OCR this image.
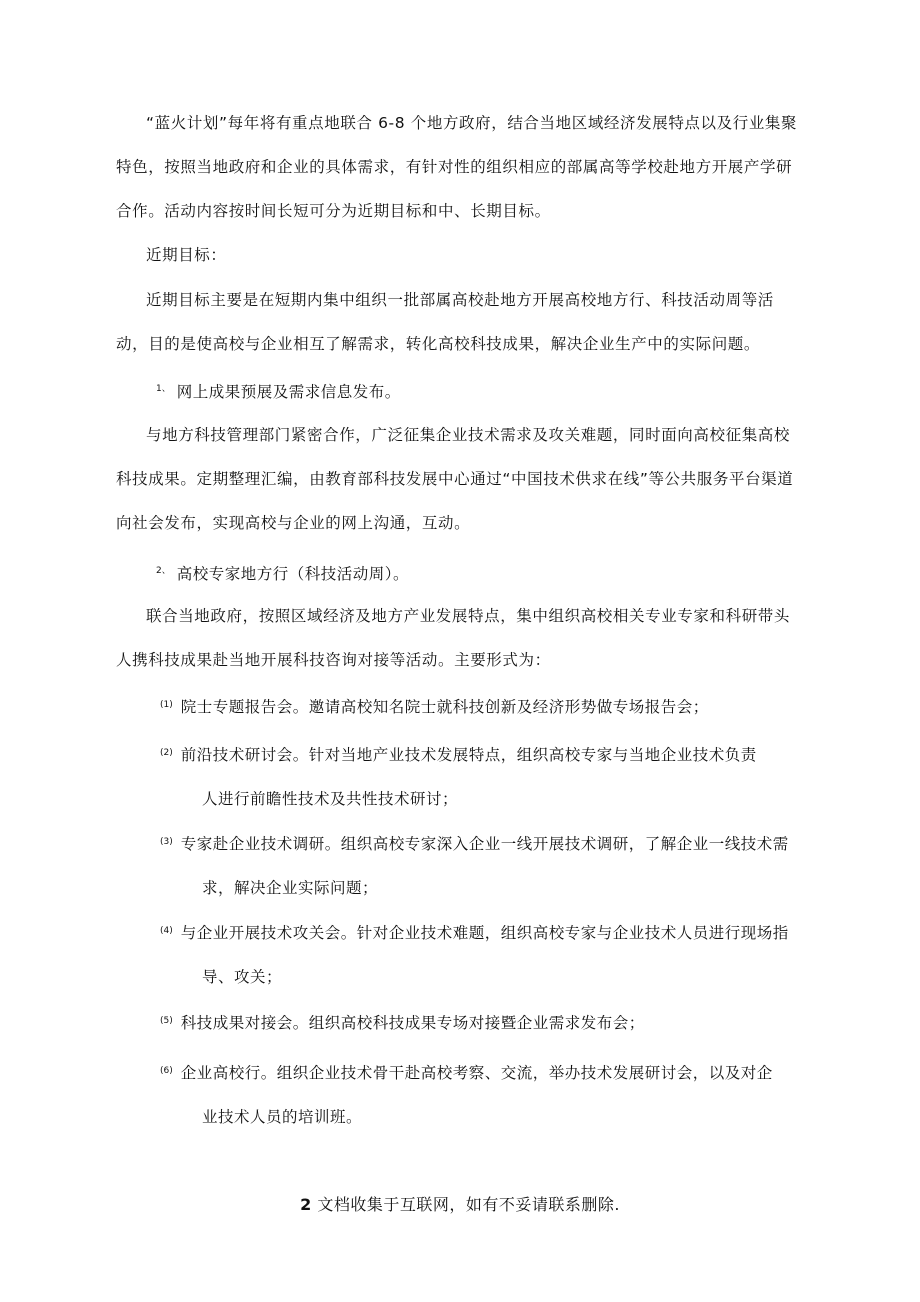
“蓝火计划”每年将有重点地联合 6-8 个地方政府，结合当地区域经济发展特点以及行业集聚

特色，按照当地政府和企业的具体需求，有针对性的组织相应的部属高等学校赴地方开展产学研

合作。活动内容按时间长短可分为近期目标和中、长期目标。

近期目标：

近期目标主要是在短期内集中组织一批部属高校赴地方开展高校地方行、科技活动周等活

动，目的是使高校与企业相互了解需求，转化高校科技成果，解决企业生产中的实际问题。

$^{1、}$ 网上成果预展及需求信息发布。

与地方科技管理部门紧密合作，广泛征集企业技术需求及攻关难题，同时面向高校征集高校

科技成果。定期整理汇编，由教育部科技发展中心通过“中国技术供求在线”等公共服务平台渠道

向社会发布，实现高校与企业的网上沟通，互动。

$^{2、}$ 高校专家地方行（科技活动周）。

联合当地政府，按照区域经济及地方产业发展特点，集中组织高校相关专业专家和科研带头

人携科技成果赴当地开展科技咨询对接等活动。主要形式为：

$^{(1)}$ 院士专题报告会。邀请高校知名院士就科技创新及经济形势做专场报告会；
$^{(2)}$ 前沿技术研讨会。针对当地产业技术发展特点，组织高校专家与当地企业技术负责
人进行前瞻性技术及共性技术研讨；
$^{(3)}$ 专家赴企业技术调研。组织高校专家深入企业一线开展技术调研，了解企业一线技术需
求，解决企业实际问题；
$^{(4)}$ 与企业开展技术攻关会。针对企业技术难题，组织高校专家与企业技术人员进行现场指
导、攻关；
$^{(5)}$ 科技成果对接会。组织高校科技成果专场对接暨企业需求发布会；
$^{(6)}$ 企业高校行。组织企业技术骨干赴高校考察、交流，举办技术发展研讨会，以及对企
业技术人员的培训班。
2 文档收集于互联网，如有不妥请联系删除.
